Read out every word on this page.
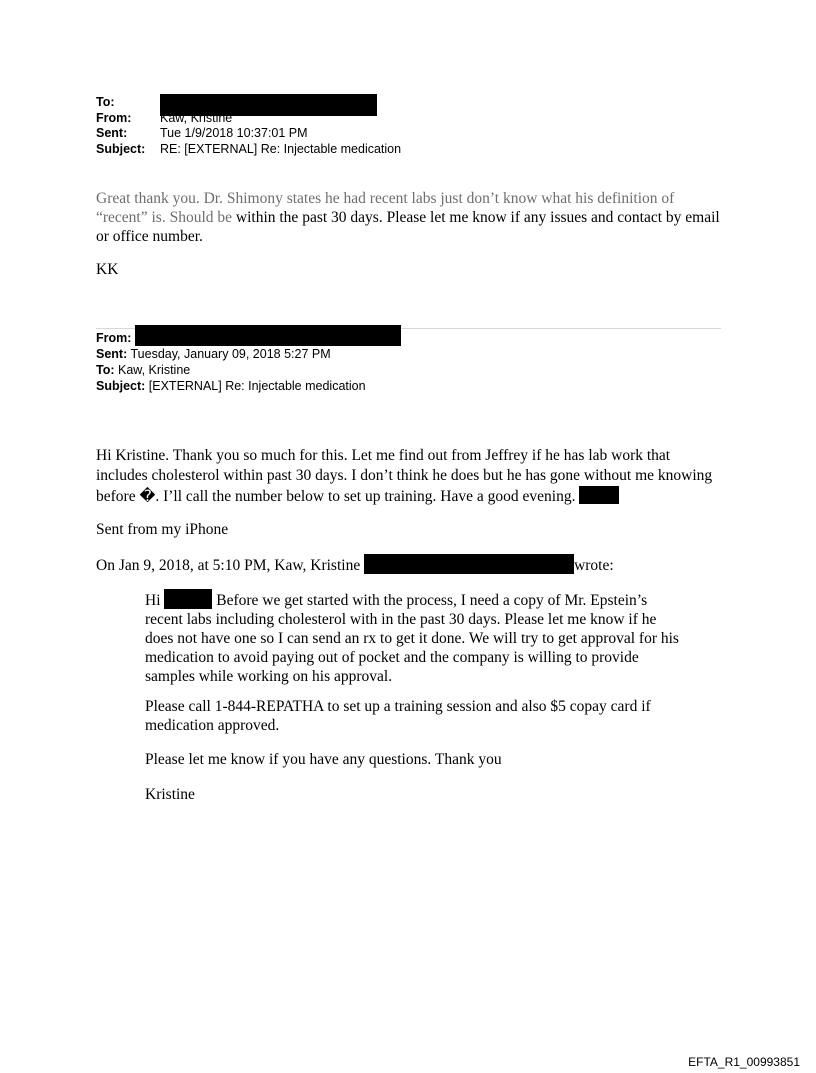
To:
From:	Kaw, Kristine
Sent:	Tue 1/9/2018 10:37:01 PM
Subject:	RE: [EXTERNAL] Re: Injectable medication
Great thank you. Dr. Shimony states he had recent labs just don’t know what his definition of “recent” is. Should be within the past 30 days. Please let me know if any issues and contact by email or office number.
KK
From:
Sent: Tuesday, January 09, 2018 5:27 PM
To: Kaw, Kristine
Subject: [EXTERNAL] Re: Injectable medication
Hi Kristine. Thank you so much for this. Let me find out from Jeffrey if he has lab work that includes cholesterol within past 30 days. I don’t think he does but he has gone without me knowing before �. I’ll call the number below to set up training. Have a good evening.
Sent from my iPhone
On Jan 9, 2018, at 5:10 PM, Kaw, Kristine	wrote:
Hi	Before we get started with the process, I need a copy of Mr. Epstein’s recent labs including cholesterol with in the past 30 days. Please let me know if he does not have one so I can send an rx to get it done. We will try to get approval for his medication to avoid paying out of pocket and the company is willing to provide samples while working on his approval.
Please call 1-844-REPATHA to set up a training session and also $5 copay card if medication approved.
Please let me know if you have any questions. Thank you
Kristine
EFTA_R1_00993851
